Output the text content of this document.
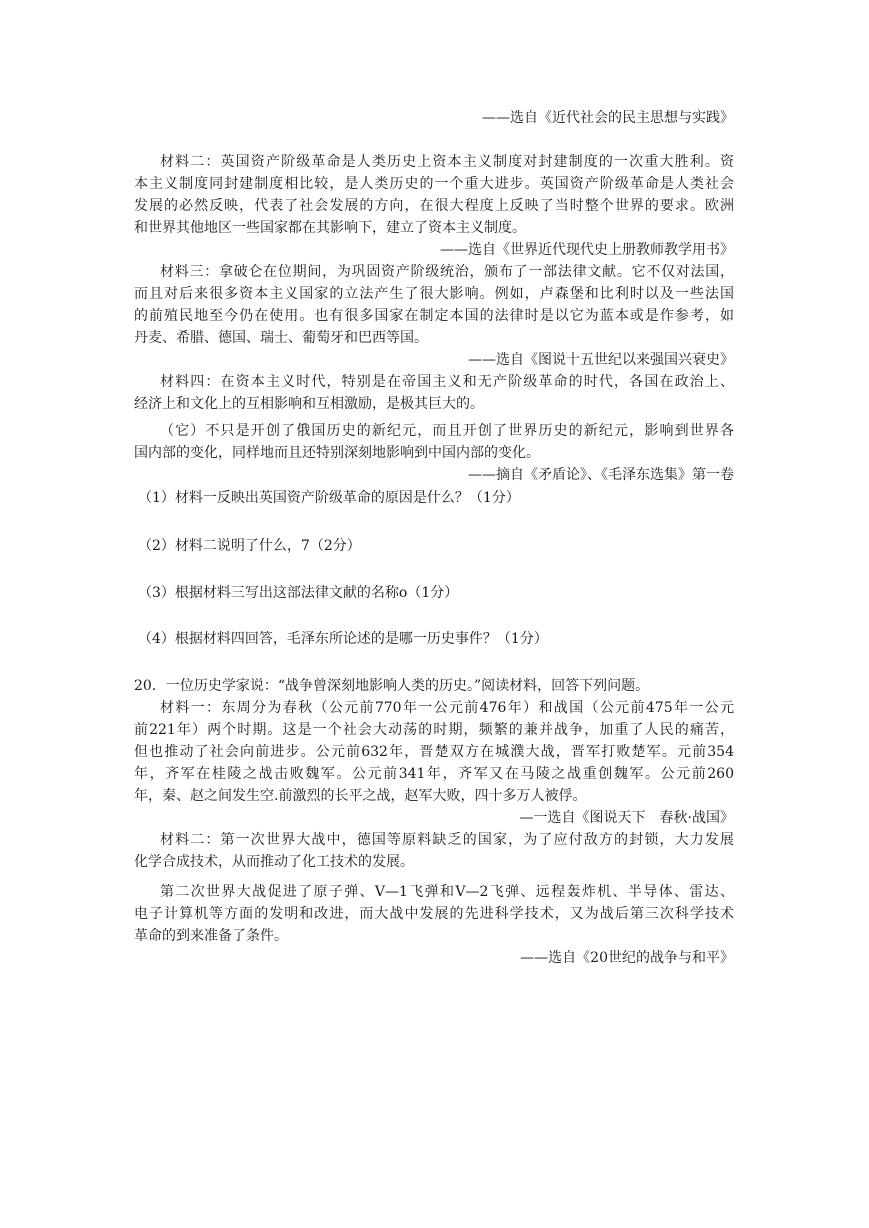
——选自《近代社会的民主思想与实践》
材料二：英国资产阶级革命是人类历史上资本主义制度对封建制度的一次重大胜利。资
本主义制度同封建制度相比较，是人类历史的一个重大进步。英国资产阶级革命是人类社会
发展的必然反映，代表了社会发展的方向，在很大程度上反映了当时整个世界的要求。欧洲
和世界其他地区一些国家都在其影响下，建立了资本主义制度。
——选自《世界近代现代史上册教师教学用书》
材料三：拿破仑在位期间，为巩固资产阶级统治，颁布了一部法律文献。它不仅对法国，
而且对后来很多资本主义国家的立法产生了很大影响。例如，卢森堡和比利时以及一些法国
的前殖民地至今仍在使用。也有很多国家在制定本国的法律时是以它为蓝本或是作参考，如
丹麦、希腊、德国、瑞士、葡萄牙和巴西等国。
——选自《图说十五世纪以来强国兴衰史》
材料四：在资本主义时代，特别是在帝国主义和无产阶级革命的时代，各国在政治上、
经济上和文化上的互相影响和互相激励，是极其巨大的。
（它）不只是开创了俄国历史的新纪元，而且开创了世界历史的新纪元，影响到世界各
国内部的变化，同样地而且还特别深刻地影响到中国内部的变化。
——摘自《矛盾论》、《毛泽东选集》第一卷
（1）材料一反映出英国资产阶级革命的原因是什么？（1分）
（2）材料二说明了什么，7（2分）
（3）根据材料三写出这部法律文献的名称o（1分）
（4）根据材料四回答，毛泽东所论述的是哪一历史事件？（1分）
20．一位历史学家说：“战争曾深刻地影响人类的历史。”阅读材料，回答下列问题。
材料一：东周分为春秋（公元前770年一公元前476年）和战国（公元前475年一公元
前221年）两个时期。这是一个社会大动荡的时期，频繁的兼并战争，加重了人民的痛苦，
但也推动了社会向前进步。公元前632年，晋楚双方在城濮大战，晋军打败楚军。元前354
年，齐军在桂陵之战击败魏军。公元前341年，齐军又在马陵之战重创魏军。公元前260
年，秦、赵之间发生空.前激烈的长平之战，赵军大败，四十多万人被俘。
—一选自《图说天下　春秋·战国》
材料二：第一次世界大战中，德国等原料缺乏的国家，为了应付敌方的封锁，大力发展
化学合成技术，从而推动了化工技术的发展。
第二次世界大战促进了原子弹、V—1飞弹和V—2飞弹、远程轰炸机、半导体、雷达、
电子计算机等方面的发明和改进，而大战中发展的先进科学技术，又为战后第三次科学技术
革命的到来准备了条件。
——选自《20世纪的战争与和平》
